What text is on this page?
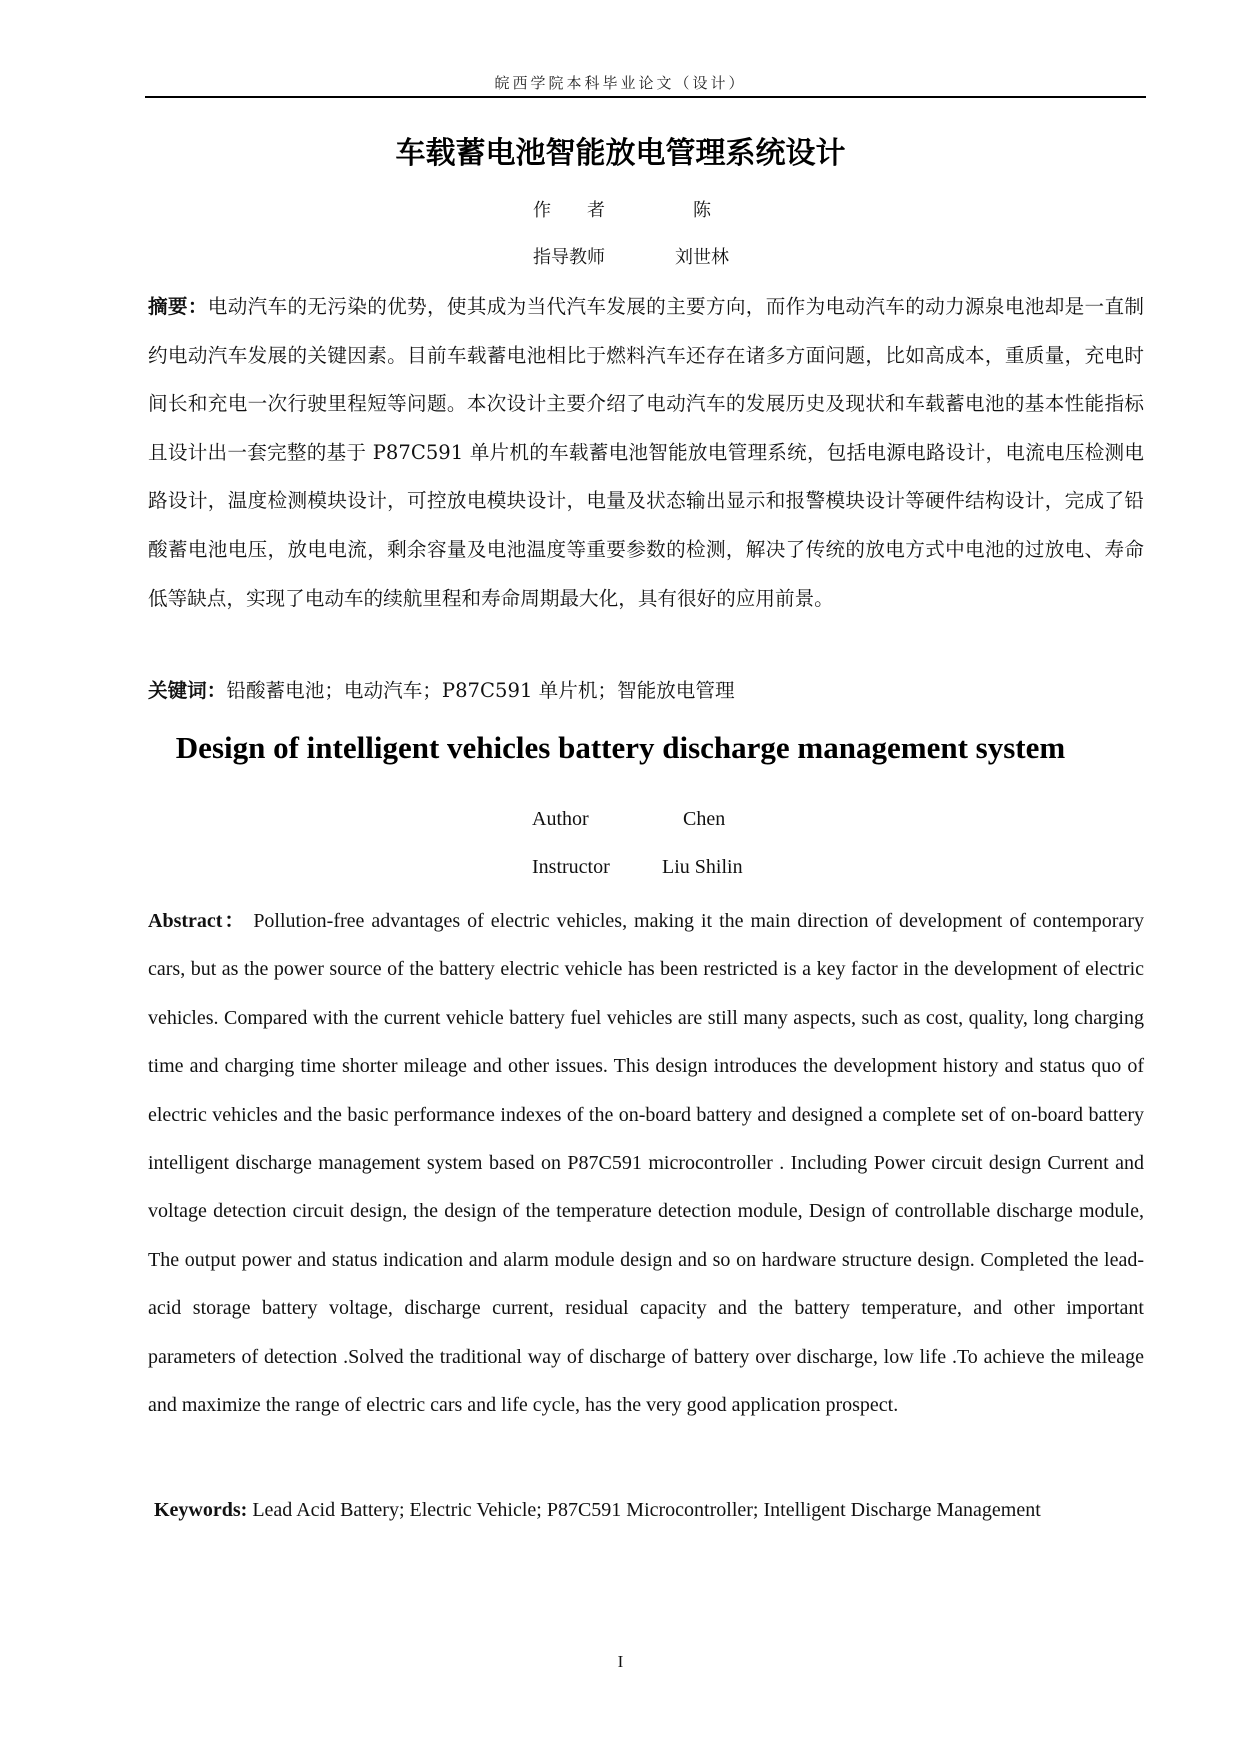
皖西学院本科毕业论文（设计）
车载蓄电池智能放电管理系统设计
作　　者	陈
指导教师	刘世林
摘要：电动汽车的无污染的优势，使其成为当代汽车发展的主要方向，而作为电动汽车的动力源泉电池却是一直制约电动汽车发展的关键因素。目前车载蓄电池相比于燃料汽车还存在诸多方面问题，比如高成本，重质量，充电时间长和充电一次行驶里程短等问题。本次设计主要介绍了电动汽车的发展历史及现状和车载蓄电池的基本性能指标且设计出一套完整的基于 P87C591 单片机的车载蓄电池智能放电管理系统，包括电源电路设计，电流电压检测电路设计，温度检测模块设计，可控放电模块设计，电量及状态输出显示和报警模块设计等硬件结构设计，完成了铅酸蓄电池电压，放电电流，剩余容量及电池温度等重要参数的检测，解决了传统的放电方式中电池的过放电、寿命低等缺点，实现了电动车的续航里程和寿命周期最大化，具有很好的应用前景。
关键词：铅酸蓄电池；电动汽车；P87C591 单片机；智能放电管理
Design of intelligent vehicles battery discharge management system
Author	Chen
Instructor	Liu Shilin
Abstract： Pollution-free advantages of electric vehicles, making it the main direction of development of contemporary cars, but as the power source of the battery electric vehicle has been restricted is a key factor in the development of electric vehicles. Compared with the current vehicle battery fuel vehicles are still many aspects, such as cost, quality, long charging time and charging time shorter mileage and other issues. This design introduces the development history and status quo of electric vehicles and the basic performance indexes of the on-board battery and designed a complete set of on-board battery intelligent discharge management system based on P87C591 microcontroller . Including Power circuit design Current and voltage detection circuit design, the design of the temperature detection module, Design of controllable discharge module, The output power and status indication and alarm module design and so on hardware structure design. Completed the lead-acid storage battery voltage, discharge current, residual capacity and the battery temperature, and other important parameters of detection .Solved the traditional way of discharge of battery over discharge, low life .To achieve the mileage and maximize the range of electric cars and life cycle, has the very good application prospect.
Keywords: Lead Acid Battery; Electric Vehicle; P87C591 Microcontroller; Intelligent Discharge Management
I
